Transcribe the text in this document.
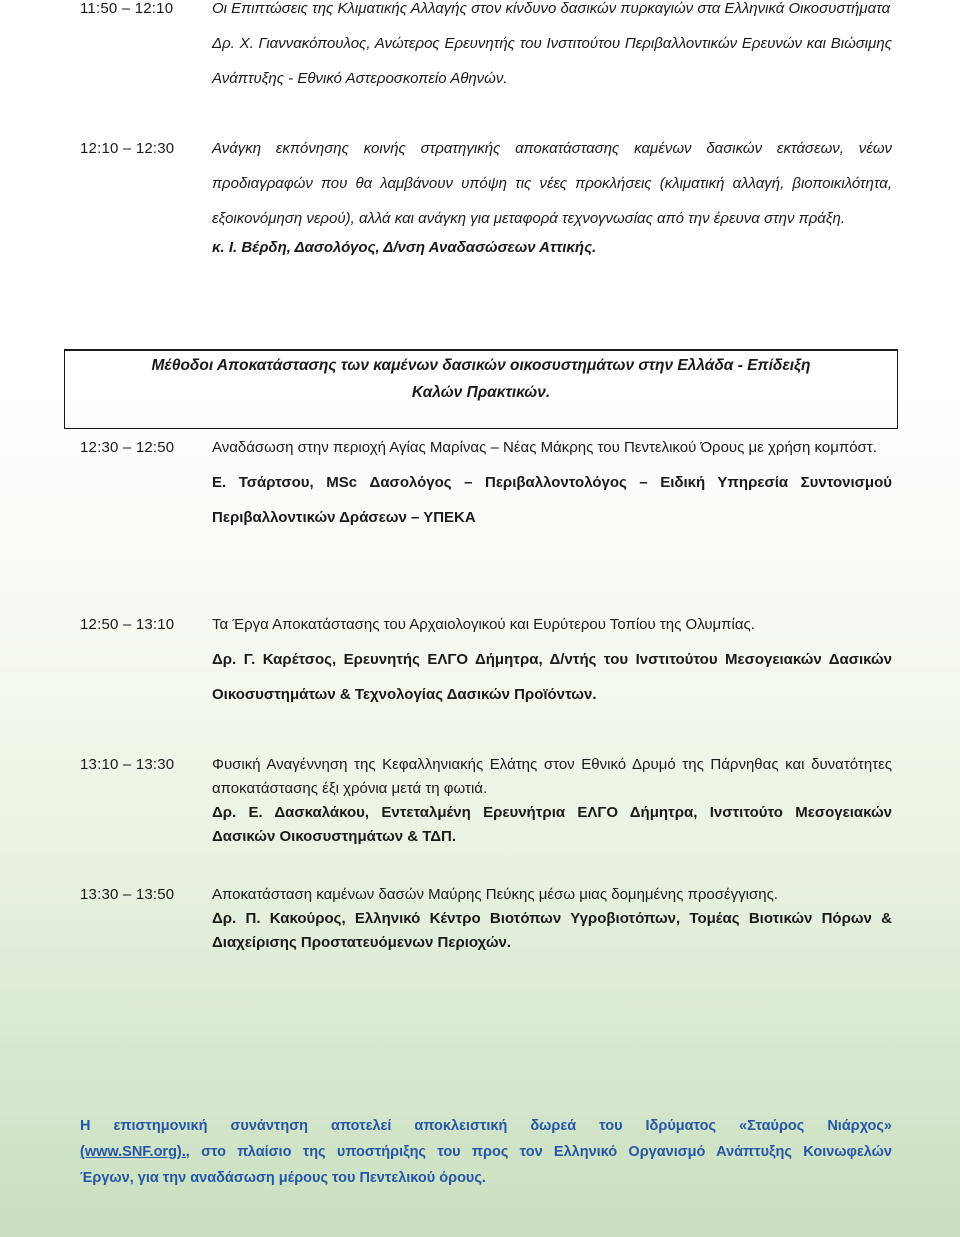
11:50 – 12:10	Οι Επιπτώσεις της Κλιματικής Αλλαγής στον κίνδυνο δασικών πυρκαγιών στα Ελληνικά Οικοσυστήματα
Δρ. Χ. Γιαννακόπουλος, Ανώτερος Ερευνητής του Ινστιτούτου Περιβαλλοντικών Ερευνών και Βιώσιμης Ανάπτυξης - Εθνικό Αστεροσκοπείο Αθηνών.
12:10 – 12:30	Ανάγκη εκπόνησης κοινής στρατηγικής αποκατάστασης καμένων δασικών εκτάσεων, νέων προδιαγραφών που θα λαμβάνουν υπόψη τις νέες προκλήσεις (κλιματική αλλαγή, βιοποικιλότητα, εξοικονόμηση νερού), αλλά και ανάγκη για μεταφορά τεχνογνωσίας από την έρευνα στην πράξη.
κ. Ι. Βέρδη, Δασολόγος, Δ/νση Αναδασώσεων Αττικής.
Μέθοδοι Αποκατάστασης των καμένων δασικών οικοσυστημάτων στην Ελλάδα - Επίδειξη Καλών Πρακτικών.
12:30 – 12:50	Αναδάσωση στην περιοχή Αγίας Μαρίνας – Νέας Μάκρης του Πεντελικού Όρους με χρήση κομπόστ.
Ε. Τσάρτσου, MSc Δασολόγος – Περιβαλλοντολόγος – Ειδική Υπηρεσία Συντονισμού Περιβαλλοντικών Δράσεων – ΥΠΕΚΑ
12:50 – 13:10	Τα Έργα Αποκατάστασης του Αρχαιολογικού και Ευρύτερου Τοπίου της Ολυμπίας.
Δρ. Γ. Καρέτσος, Ερευνητής ΕΛΓΟ Δήμητρα, Δ/ντής του Ινστιτούτου Μεσογειακών Δασικών Οικοσυστημάτων & Τεχνολογίας Δασικών Προϊόντων.
13:10 – 13:30	Φυσική Αναγέννηση της Κεφαλληνιακής Ελάτης στον Εθνικό Δρυμό της Πάρνηθας και δυνατότητες αποκατάστασης έξι χρόνια μετά τη φωτιά.
Δρ. Ε. Δασκαλάκου, Εντεταλμένη Ερευνήτρια ΕΛΓΟ Δήμητρα, Ινστιτούτο Μεσογειακών Δασικών Οικοσυστημάτων & ΤΔΠ.
13:30 – 13:50	Αποκατάσταση καμένων δασών Μαύρης Πεύκης μέσω μιας δομημένης προσέγγισης.
Δρ. Π. Κακούρος, Ελληνικό Κέντρο Βιοτόπων Υγροβιοτόπων, Τομέας Βιοτικών Πόρων & Διαχείρισης Προστατευόμενων Περιοχών.
Η επιστημονική συνάντηση αποτελεί αποκλειστική δωρεά του Ιδρύματος «Σταύρος Νιάρχος»
(www.SNF.org)., στο πλαίσιο της υποστήριξης του προς τον Ελληνικό Οργανισμό Ανάπτυξης Κοινωφελών
Έργων, για την αναδάσωση μέρους του Πεντελικού όρους.
